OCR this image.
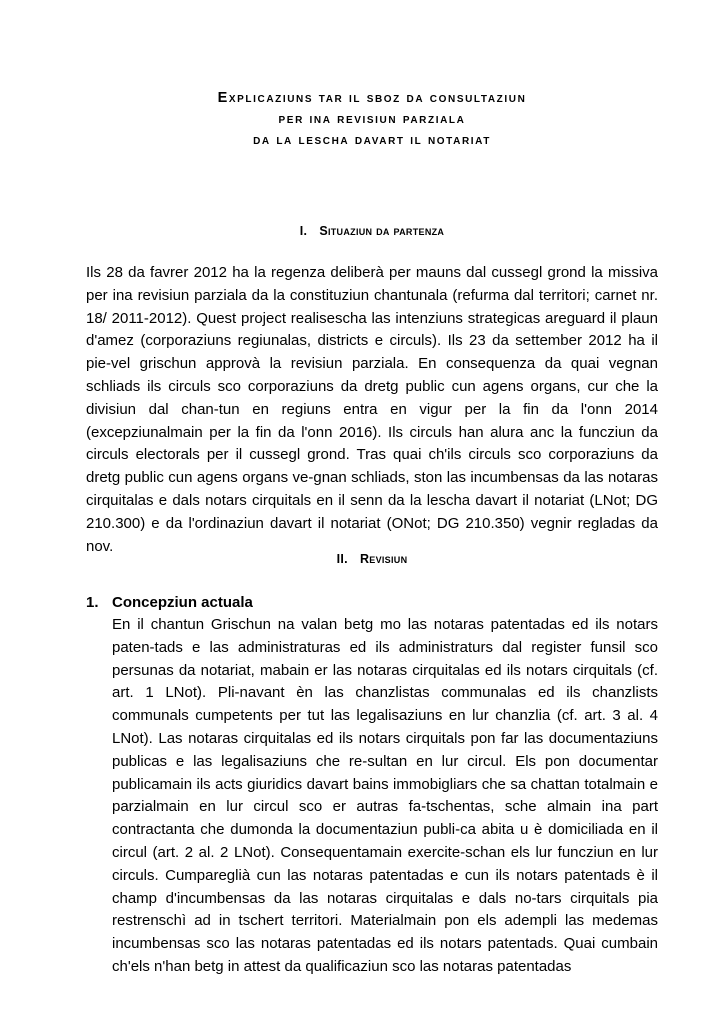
Explicaziuns tar il sboz da consultaziun
per ina revisiun parziala
da la lescha davart il notariat
I. Situaziun da partenza
Ils 28 da favrer 2012 ha la regenza deliberà per mauns dal cussegl grond la missiva per ina revisiun parziala da la constituziun chantunala (refurma dal territori; carnet nr. 18/ 2011-2012). Quest project realisescha las intenziuns strategicas areguard il plaun d'amez (corporaziuns regiunalas, districts e circuls). Ils 23 da settember 2012 ha il pie-vel grischun approvà la revisiun parziala. En consequenza da quai vegnan schliads ils circuls sco corporaziuns da dretg public cun agens organs, cur che la divisiun dal chan-tun en regiuns entra en vigur per la fin da l'onn 2014 (excepziunalmain per la fin da l'onn 2016). Ils circuls han alura anc la funcziun da circuls electorals per il cussegl grond. Tras quai ch'ils circuls sco corporaziuns da dretg public cun agens organs ve-gnan schliads, ston las incumbensas da las notaras cirquitalas e dals notars cirquitals en il senn da la lescha davart il notariat (LNot; DG 210.300) e da l'ordinaziun davart il notariat (ONot; DG 210.350) vegnir regladas da nov.
II. Revisiun
1. Concepziun actuala
En il chantun Grischun na valan betg mo las notaras patentadas ed ils notars paten-tads e las administraturas ed ils administraturs dal register funsil sco persunas da notariat, mabain er las notaras cirquitalas ed ils notars cirquitals (cf. art. 1 LNot). Pli-navant èn las chanzlistas communalas ed ils chanzlists communals cumpetents per tut las legalisaziuns en lur chanzlia (cf. art. 3 al. 4 LNot). Las notaras cirquitalas ed ils notars cirquitals pon far las documentaziuns publicas e las legalisaziuns che re-sultan en lur circul. Els pon documentar publicamain ils acts giuridics davart bains immobigliars che sa chattan totalmain e parzialmain en lur circul sco er autras fa-tschentas, sche almain ina part contractanta che dumonda la documentaziun publi-ca abita u è domiciliada en il circul (art. 2 al. 2 LNot). Consequentamain exercite-schan els lur funcziun en lur circuls. Cumpareglià cun las notaras patentadas e cun ils notars patentads è il champ d'incumbensas da las notaras cirquitalas e dals no-tars cirquitals pia restrenschì ad in tschert territori. Materialmain pon els adempli las medemas incumbensas sco las notaras patentadas ed ils notars patentads. Quai cumbain ch'els n'han betg in attest da qualificaziun sco las notaras patentadas
